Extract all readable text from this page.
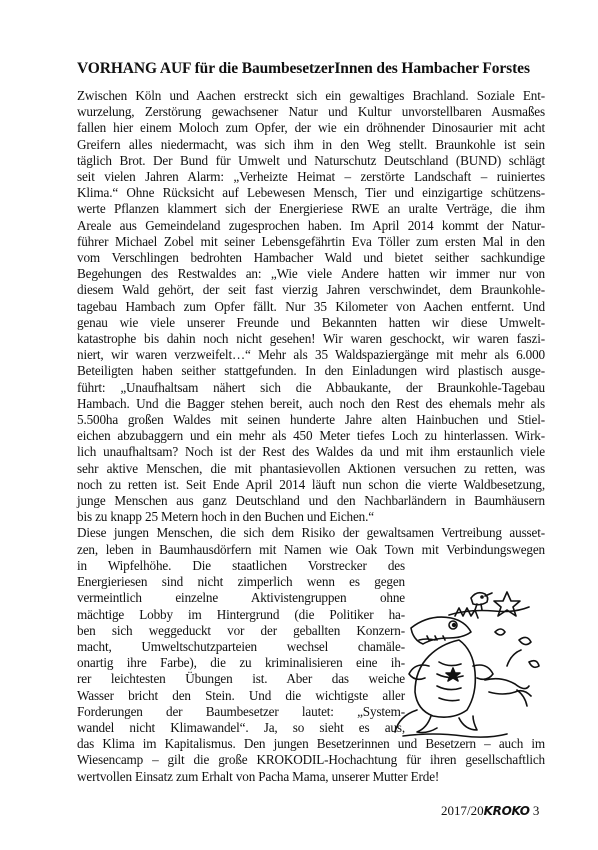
VORHANG AUF für die BaumbesetzerInnen des Hambacher Forstes
Zwischen Köln und Aachen erstreckt sich ein gewaltiges Brachland. Soziale Ent-
wurzelung, Zerstörung gewachsener Natur und Kultur unvorstellbaren Ausmaßes
fallen hier einem Moloch zum Opfer, der wie ein dröhnender Dinosaurier mit acht
Greifern alles niedermacht, was sich ihm in den Weg stellt. Braunkohle ist sein
täglich Brot. Der Bund für Umwelt und Naturschutz Deutschland (BUND) schlägt
seit vielen Jahren Alarm: „Verheizte Heimat – zerstörte Landschaft – ruiniertes
Klima.“ Ohne Rücksicht auf Lebewesen Mensch, Tier und einzigartige schützens-
werte Pflanzen klammert sich der Energieriese RWE an uralte Verträge, die ihm
Areale aus Gemeindeland zugesprochen haben. Im April 2014 kommt der Natur-
führer Michael Zobel mit seiner Lebensgefährtin Eva Töller zum ersten Mal in den
vom Verschlingen bedrohten Hambacher Wald und bietet seither sachkundige
Begehungen des Restwaldes an: „Wie viele Andere hatten wir immer nur von
diesem Wald gehört, der seit fast vierzig Jahren verschwindet, dem Braunkohle-
tagebau Hambach zum Opfer fällt. Nur 35 Kilometer von Aachen entfernt. Und
genau wie viele unserer Freunde und Bekannten hatten wir diese Umwelt-
katastrophe bis dahin noch nicht gesehen! Wir waren geschockt, wir waren faszi-
niert, wir waren verzweifelt…“ Mehr als 35 Waldspaziergänge mit mehr als 6.000
Beteiligten haben seither stattgefunden. In den Einladungen wird plastisch ausge-
führt: „Unaufhaltsam nähert sich die Abbaukante, der Braunkohle-Tagebau
Hambach. Und die Bagger stehen bereit, auch noch den Rest des ehemals mehr als
5.500ha großen Waldes mit seinen hunderte Jahre alten Hainbuchen und Stiel-
eichen abzubaggern und ein mehr als 450 Meter tiefes Loch zu hinterlassen. Wirk-
lich unaufhaltsam? Noch ist der Rest des Waldes da und mit ihm erstaunlich viele
sehr aktive Menschen, die mit phantasievollen Aktionen versuchen zu retten, was
noch zu retten ist. Seit Ende April 2014 läuft nun schon die vierte Waldbesetzung,
junge Menschen aus ganz Deutschland und den Nachbarländern in Baumhäusern
bis zu knapp 25 Metern hoch in den Buchen und Eichen.“
Diese jungen Menschen, die sich dem Risiko der gewaltsamen Vertreibung ausset-
zen, leben in Baumhausdörfern mit Namen wie Oak Town mit Verbindungswegen
in Wipfelhöhe. Die staatlichen Vorstrecker des
Energieriesen sind nicht zimperlich wenn es gegen
vermeintlich einzelne Aktivistengruppen ohne
mächtige Lobby im Hintergrund (die Politiker ha-
ben sich weggeduckt vor der geballten Konzern-
macht, Umweltschutzparteien wechsel chamäle-
onartig ihre Farbe), die zu kriminalisieren eine ih-
rer leichtesten Übungen ist. Aber das weiche
Wasser bricht den Stein. Und die wichtigste aller
Forderungen der Baumbesetzer lautet: „System-
wandel nicht Klimawandel“. Ja, so sieht es aus,
das Klima im Kapitalismus. Den jungen Besetzerinnen und Besetzern – auch im
Wiesencamp – gilt die große KROKODIL-Hochachtung für ihren gesellschaftlich
wertvollen Einsatz zum Erhalt von Pacha Mama, unserer Mutter Erde!
2017/20KROKO 3
